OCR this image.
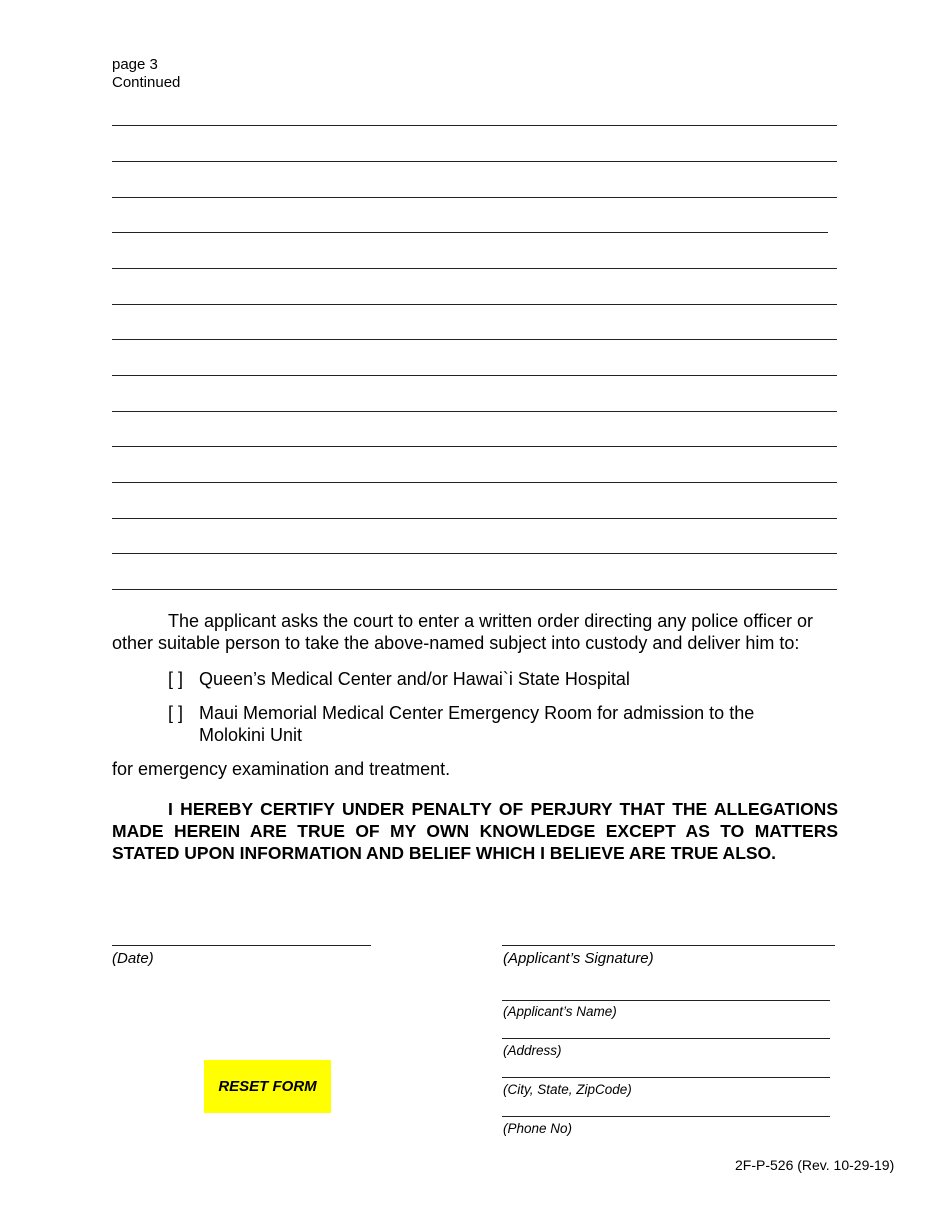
page 3
Continued
The applicant asks the court to enter a written order directing any police officer or other suitable person to take the above-named subject into custody and deliver him to:
[ ] Queen’s Medical Center and/or Hawai`i State Hospital
[ ] Maui Memorial Medical Center Emergency Room for admission to the Molokini Unit
for emergency examination and treatment.
I HEREBY CERTIFY UNDER PENALTY OF PERJURY THAT THE ALLEGATIONS MADE HEREIN ARE TRUE OF MY OWN KNOWLEDGE EXCEPT AS TO MATTERS STATED UPON INFORMATION AND BELIEF WHICH I BELIEVE ARE TRUE ALSO.
(Date)	(Applicant’s Signature)
(Applicant’s Name)
(Address)
(City, State, ZipCode)
(Phone No)
RESET FORM
2F-P-526 (Rev. 10-29-19)
